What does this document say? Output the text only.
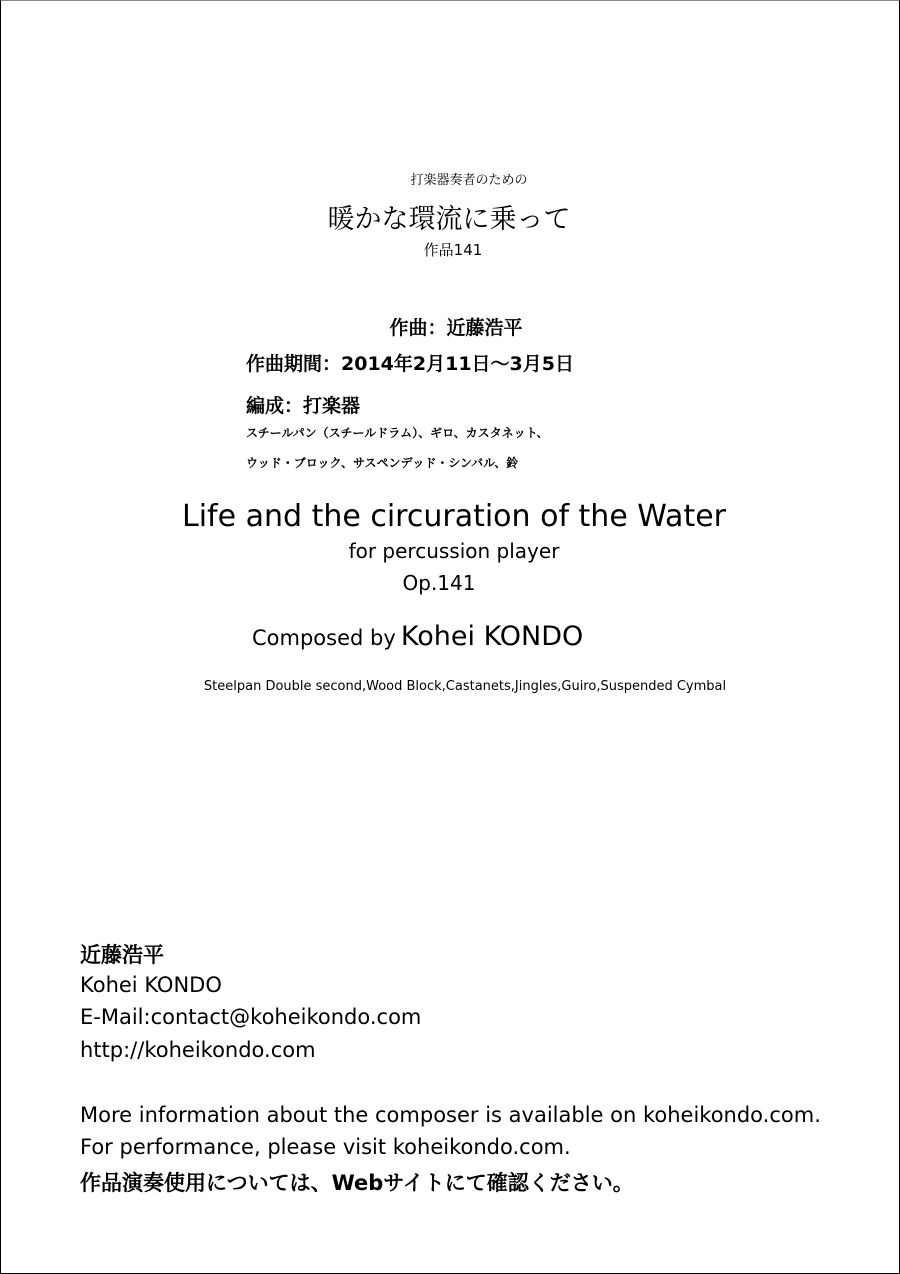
打楽器奏者のための
暖かな環流に乗って
作品141
作曲：近藤浩平
作曲期間：2014年2月11日～3月5日
編成：打楽器
スチールパン（スチールドラム）、ギロ、カスタネット、
ウッド・ブロック、サスペンデッド・シンバル、鈴
Life and the circuration of the Water
for percussion player
Op.141
Composed by Kohei KONDO
Steelpan Double second,Wood Block,Castanets,Jingles,Guiro,Suspended Cymbal
近藤浩平
Kohei KONDO
E-Mail:contact@koheikondo.com
http://koheikondo.com
More information about the composer is available on koheikondo.com.
For performance, please visit koheikondo.com.
作品演奏使用については、Webサイトにて確認ください。
